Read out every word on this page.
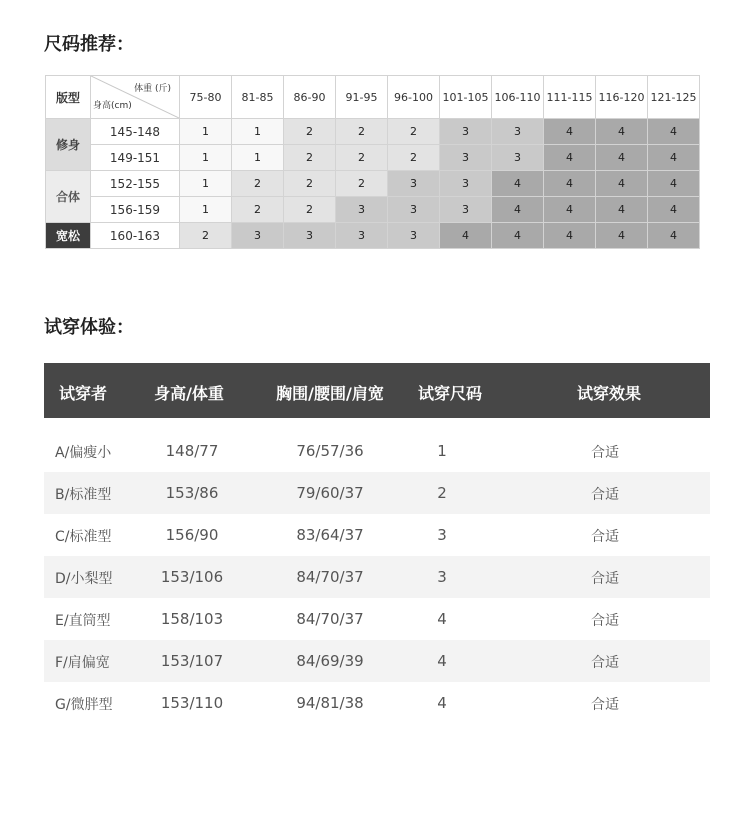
尺码推荐：
版型	体重 (斤)
身高(cm)	75-80	81-85	86-90	91-95	96-100	101-105	106-110	111-115	116-120	121-125
修身	145-148	1	1	2	2	2	3	3	4	4	4
	149-151	1	1	2	2	2	3	3	4	4	4
合体	152-155	1	2	2	2	3	3	4	4	4	4
	156-159	1	2	2	3	3	3	4	4	4	4
宽松	160-163	2	3	3	3	3	4	4	4	4	4
试穿体验：
试穿者	身高/体重	胸围/腰围/肩宽	试穿尺码	试穿效果
A/偏瘦小	148/77	76/57/36	1	合适
B/标准型	153/86	79/60/37	2	合适
C/标准型	156/90	83/64/37	3	合适
D/小梨型	153/106	84/70/37	3	合适
E/直筒型	158/103	84/70/37	4	合适
F/肩偏宽	153/107	84/69/39	4	合适
G/微胖型	153/110	94/81/38	4	合适
